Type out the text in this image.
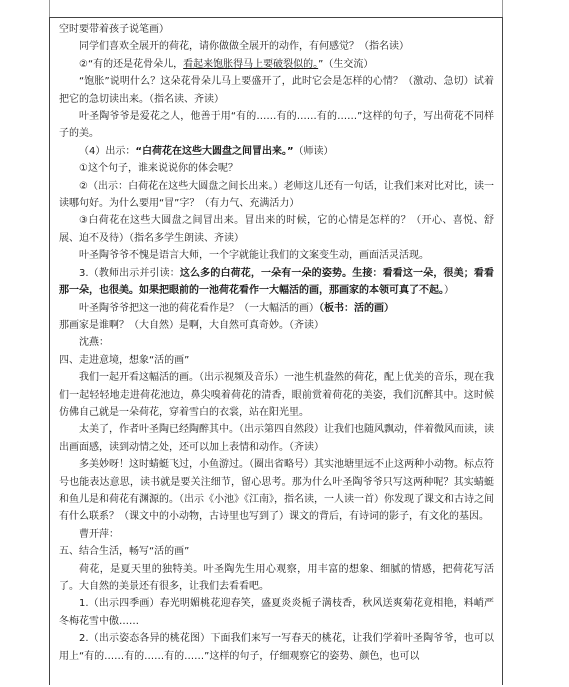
空时要带着孩子说笔画）

同学们喜欢全展开的荷花，请你做做全展开的动作，有何感觉？（指名读）

②“有的还是花骨朵儿，看起来饱胀得马上要破裂似的。”（生交流）

“饱胀”说明什么？这朵花骨朵儿马上要盛开了，此时它会是怎样的心情？（激动、急切）试着把它的急切读出来。（指名读、齐读）

叶圣陶爷爷是爱花之人，他善于用“有的……有的……有的……”这样的句子，写出荷花不同样子的美。

（4）出示：“白荷花在这些大圆盘之间冒出来。”（师读）

①这个句子，谁来说说你的体会呢？

②（出示：白荷花在这些大圆盘之间长出来。）老师这儿还有一句话，让我们来对比对比，读一读哪句好。为什么要用“冒”字？（有力气、充满活力）

③白荷花在这些大圆盘之间冒出来。冒出来的时候，它的心情是怎样的？（开心、喜悦、舒展、迫不及待）（指名多学生朗读、齐读）

叶圣陶爷爷不愧是语言大师，一个字就能让我们的文案变生动，画面活灵活现。

3.（教师出示并引读：这么多的白荷花，一朵有一朵的姿势。生接：看看这一朵，很美；看看那一朵，也很美。如果把眼前的一池荷花看作一大幅活的画，那画家的本领可真了不起。）

叶圣陶爷爷把这一池的荷花看作是？（一大幅活的画）（板书：活的画）

那画家是谁啊？（大自然）是啊，大自然可真奇妙。（齐读）

沈燕：

四、走进意境，想象“活的画”

我们一起开看这幅活的画。（出示视频及音乐）一池生机盎然的荷花，配上优美的音乐，现在我们一起轻轻地走进荷花池边，鼻尖嗅着荷花的清香，眼前赏着荷花的美姿，我们沉醉其中。这时候仿佛自己就是一朵荷花，穿着雪白的衣裳，站在阳光里。

太美了，作者叶圣陶已经陶醉其中。（出示第四自然段）让我们也随风飘动，伴着微风而读，读出画面感，读到动情之处，还可以加上表情和动作。（齐读）

多美妙呀！这时蜻蜓飞过，小鱼游过。（圈出省略号）其实池塘里远不止这两种小动物。标点符号也能表达意思，读书就是要关注细节，留心思考。那为什么叶圣陶爷爷只写这两种呢？其实蜻蜓和鱼儿是和荷花有渊源的。（出示《小池》《江南》，指名读，一人读一首）你发现了课文和古诗之间有什么联系？（课文中的小动物，古诗里也写到了）课文的背后，有诗词的影子，有文化的基因。

曹开萍：

五、结合生活，畅写“活的画”

荷花，是夏天里的独特美。叶圣陶先生用心观察，用丰富的想象、细腻的情感，把荷花写活了。大自然的美景还有很多，让我们去看看吧。

1.（出示四季画）春光明媚桃花迎春笑，盛夏炎炎栀子满枝香，秋风送爽菊花竟相艳，料峭严冬梅花雪中傲……

2.（出示姿态各异的桃花图）下面我们来写一写春天的桃花，让我们学着叶圣陶爷爷，也可以用上“有的……有的……有的……”这样的句子，仔细观察它的姿势、颜色，也可以
